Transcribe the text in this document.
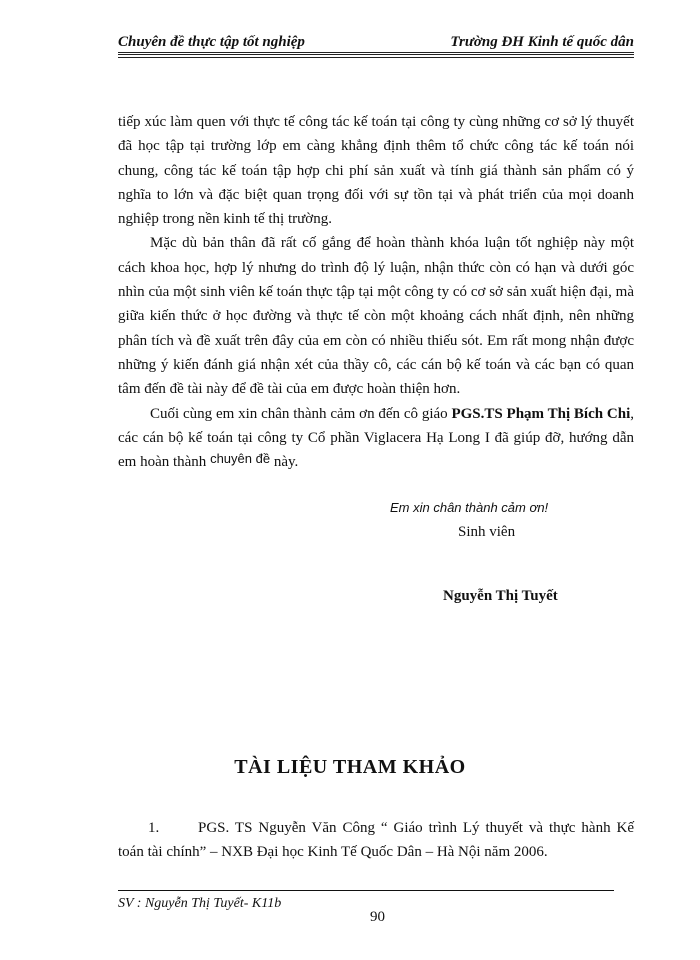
Chuyên đề thực tập tốt nghiệp	Trường ĐH Kinh tế quốc dân

tiếp xúc làm quen với thực tế công tác kế toán tại công ty cùng những cơ sở lý thuyết đã học tập tại trường lớp em càng khẳng định thêm tổ chức công tác kế toán nói chung, công tác kế toán tập hợp chi phí sản xuất và tính giá thành sản phẩm có ý nghĩa to lớn và đặc biệt quan trọng đối với sự tồn tại và phát triển của mọi doanh nghiệp trong nền kinh tế thị trường.

Mặc dù bản thân đã rất cố gắng để hoàn thành khóa luận tốt nghiệp này một cách khoa học, hợp lý nhưng do trình độ lý luận, nhận thức còn có hạn và dưới góc nhìn của một sinh viên kế toán thực tập tại một công ty có cơ sở sản xuất hiện đại, mà giữa kiến thức ở học đường và thực tế còn một khoảng cách nhất định, nên những phân tích và đề xuất trên đây của em còn có nhiều thiếu sót. Em rất mong nhận được những ý kiến đánh giá nhận xét của thầy cô, các cán bộ kế toán và các bạn có quan tâm đến đề tài này để đề tài của em được hoàn thiện hơn.

Cuối cùng em xin chân thành cảm ơn đến cô giáo PGS.TS Phạm Thị Bích Chi, các cán bộ kế toán tại công ty Cổ phần Viglacera Hạ Long I đã giúp đỡ, hướng dẫn em hoàn thành chuyên đề này.

Em xin chân thành cảm ơn!
Sinh viên
Nguyễn Thị Tuyết
TÀI LIỆU THAM KHẢO
1.	PGS. TS Nguyễn Văn Công “ Giáo trình Lý thuyết và thực hành Kế toán tài chính” – NXB Đại học Kinh Tế Quốc Dân – Hà Nội năm 2006.
SV : Nguyễn Thị Tuyết- K11b
90
